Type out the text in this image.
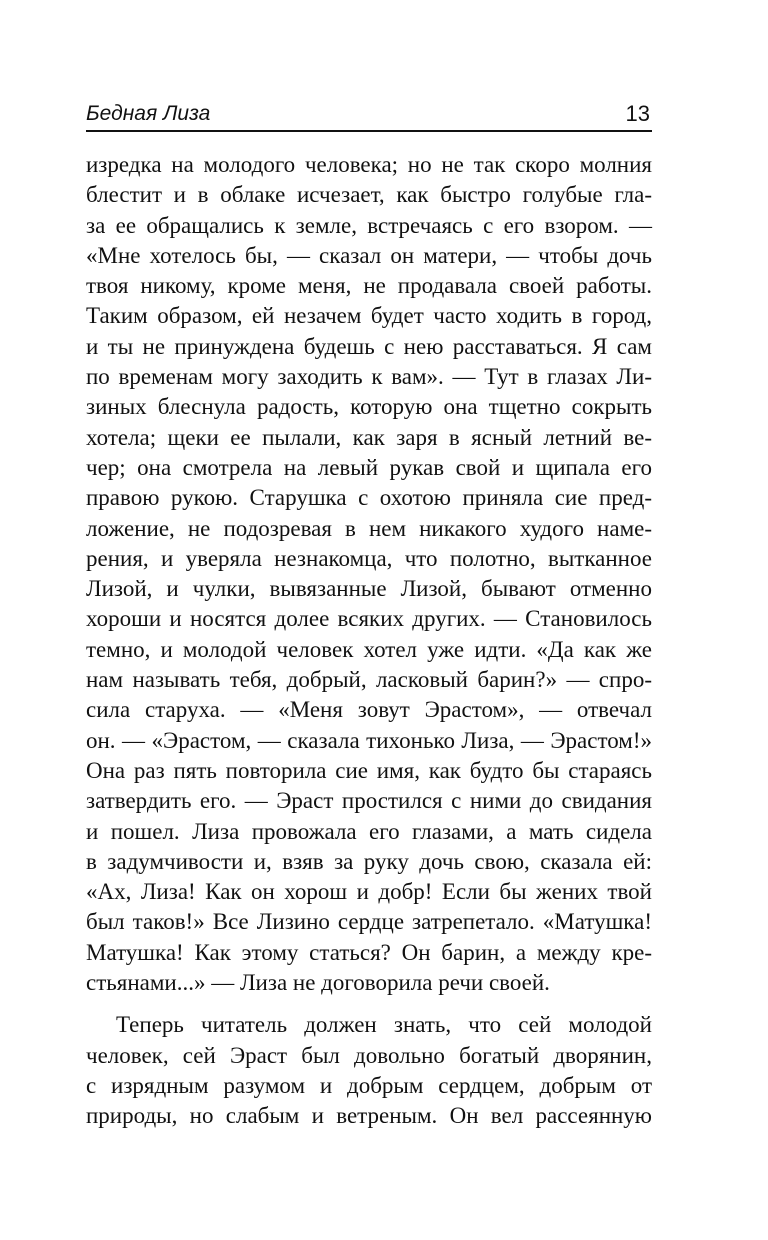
Бедная Лиза	13
изредка на молодого человека; но не так скоро молния
блестит и в облаке исчезает, как быстро голубые гла-
за ее обращались к земле, встречаясь с его взором. —
«Мне хотелось бы, — сказал он матери, — чтобы дочь
твоя никому, кроме меня, не продавала своей работы.
Таким образом, ей незачем будет часто ходить в город,
и ты не принуждена будешь с нею расставаться. Я сам
по временам могу заходить к вам». — Тут в глазах Ли-
зиных блеснула радость, которую она тщетно сокрыть
хотела; щеки ее пылали, как заря в ясный летний ве-
чер; она смотрела на левый рукав свой и щипала его
правою рукою. Старушка с охотою приняла сие пред-
ложение, не подозревая в нем никакого худого наме-
рения, и уверяла незнакомца, что полотно, вытканное
Лизой, и чулки, вывязанные Лизой, бывают отменно
хороши и носятся долее всяких других. — Становилось
темно, и молодой человек хотел уже идти. «Да как же
нам называть тебя, добрый, ласковый барин?» — спро-
сила старуха. — «Меня зовут Эрастом», — отвечал
он. — «Эрастом, — сказала тихонько Лиза, — Эрастом!»
Она раз пять повторила сие имя, как будто бы стараясь
затвердить его. — Эраст простился с ними до свидания
и пошел. Лиза провожала его глазами, а мать сидела
в задумчивости и, взяв за руку дочь свою, сказала ей:
«Ах, Лиза! Как он хорош и добр! Если бы жених твой
был таков!» Все Лизино сердце затрепетало. «Матушка!
Матушка! Как этому статься? Он барин, а между кре-
стьянами...» — Лиза не договорила речи своей.
Теперь читатель должен знать, что сей молодой
человек, сей Эраст был довольно богатый дворянин,
с изрядным разумом и добрым сердцем, добрым от
природы, но слабым и ветреным. Он вел рассеянную
